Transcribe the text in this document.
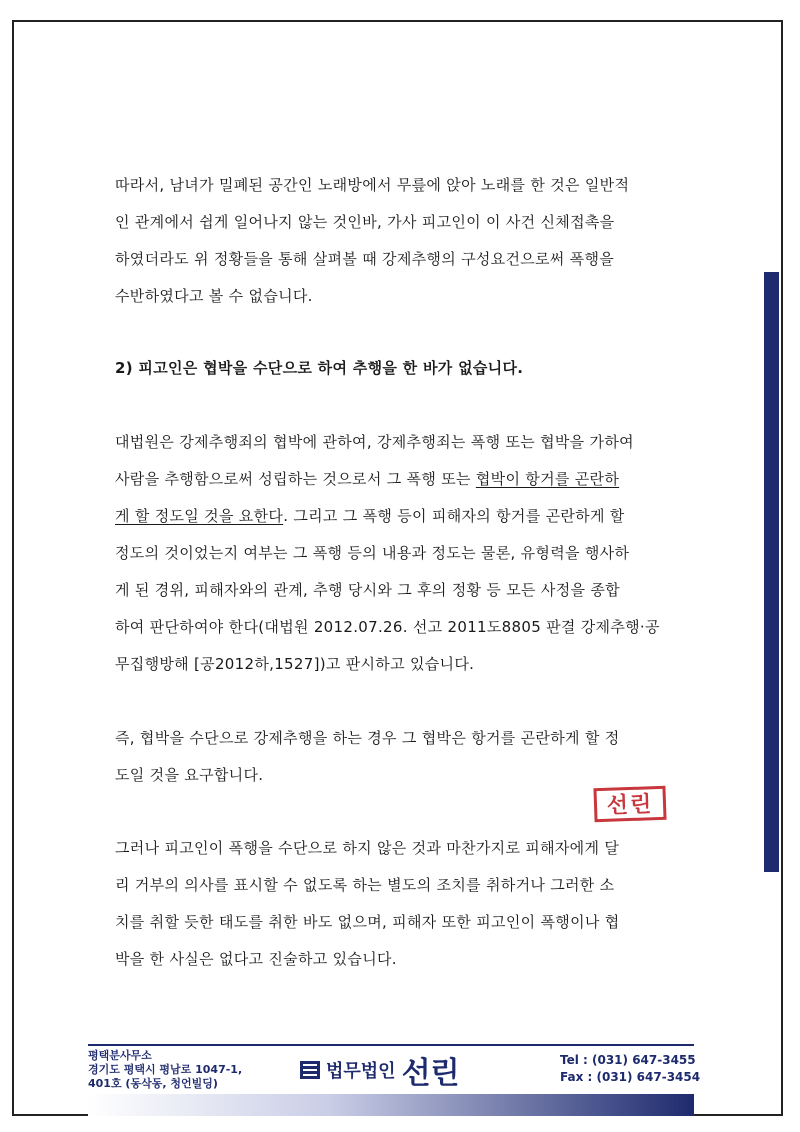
따라서, 남녀가 밀폐된 공간인 노래방에서 무릎에 앉아 노래를 한 것은 일반적
인 관계에서 쉽게 일어나지 않는 것인바, 가사 피고인이 이 사건 신체접촉을
하였더라도 위 정황들을 통해 살펴볼 때 강제추행의 구성요건으로써 폭행을
수반하였다고 볼 수 없습니다.
2) 피고인은 협박을 수단으로 하여 추행을 한 바가 없습니다.
대법원은 강제추행죄의 협박에 관하여, 강제추행죄는 폭행 또는 협박을 가하여
사람을 추행함으로써 성립하는 것으로서 그 폭행 또는 협박이 항거를 곤란하
게 할 정도일 것을 요한다. 그리고 그 폭행 등이 피해자의 항거를 곤란하게 할
정도의 것이었는지 여부는 그 폭행 등의 내용과 정도는 물론, 유형력을 행사하
게 된 경위, 피해자와의 관계, 추행 당시와 그 후의 정황 등 모든 사정을 종합
하여 판단하여야 한다(대법원 2012.07.26. 선고 2011도8805 판결 강제추행·공
무집행방해 [공2012하,1527])고 판시하고 있습니다.
즉, 협박을 수단으로 강제추행을 하는 경우 그 협박은 항거를 곤란하게 할 정
도일 것을 요구합니다.
선린
그러나 피고인이 폭행을 수단으로 하지 않은 것과 마찬가지로 피해자에게 달
리 거부의 의사를 표시할 수 없도록 하는 별도의 조치를 취하거나 그러한 소
치를 취할 듯한 태도를 취한 바도 없으며, 피해자 또한 피고인이 폭행이나 협
박을 한 사실은 없다고 진술하고 있습니다.
평택분사무소
경기도 평택시 평남로 1047-1,
401호 (동삭동, 청언빌딩)
법무법인 선린	Tel : (031) 647-3455
Fax : (031) 647-3454
